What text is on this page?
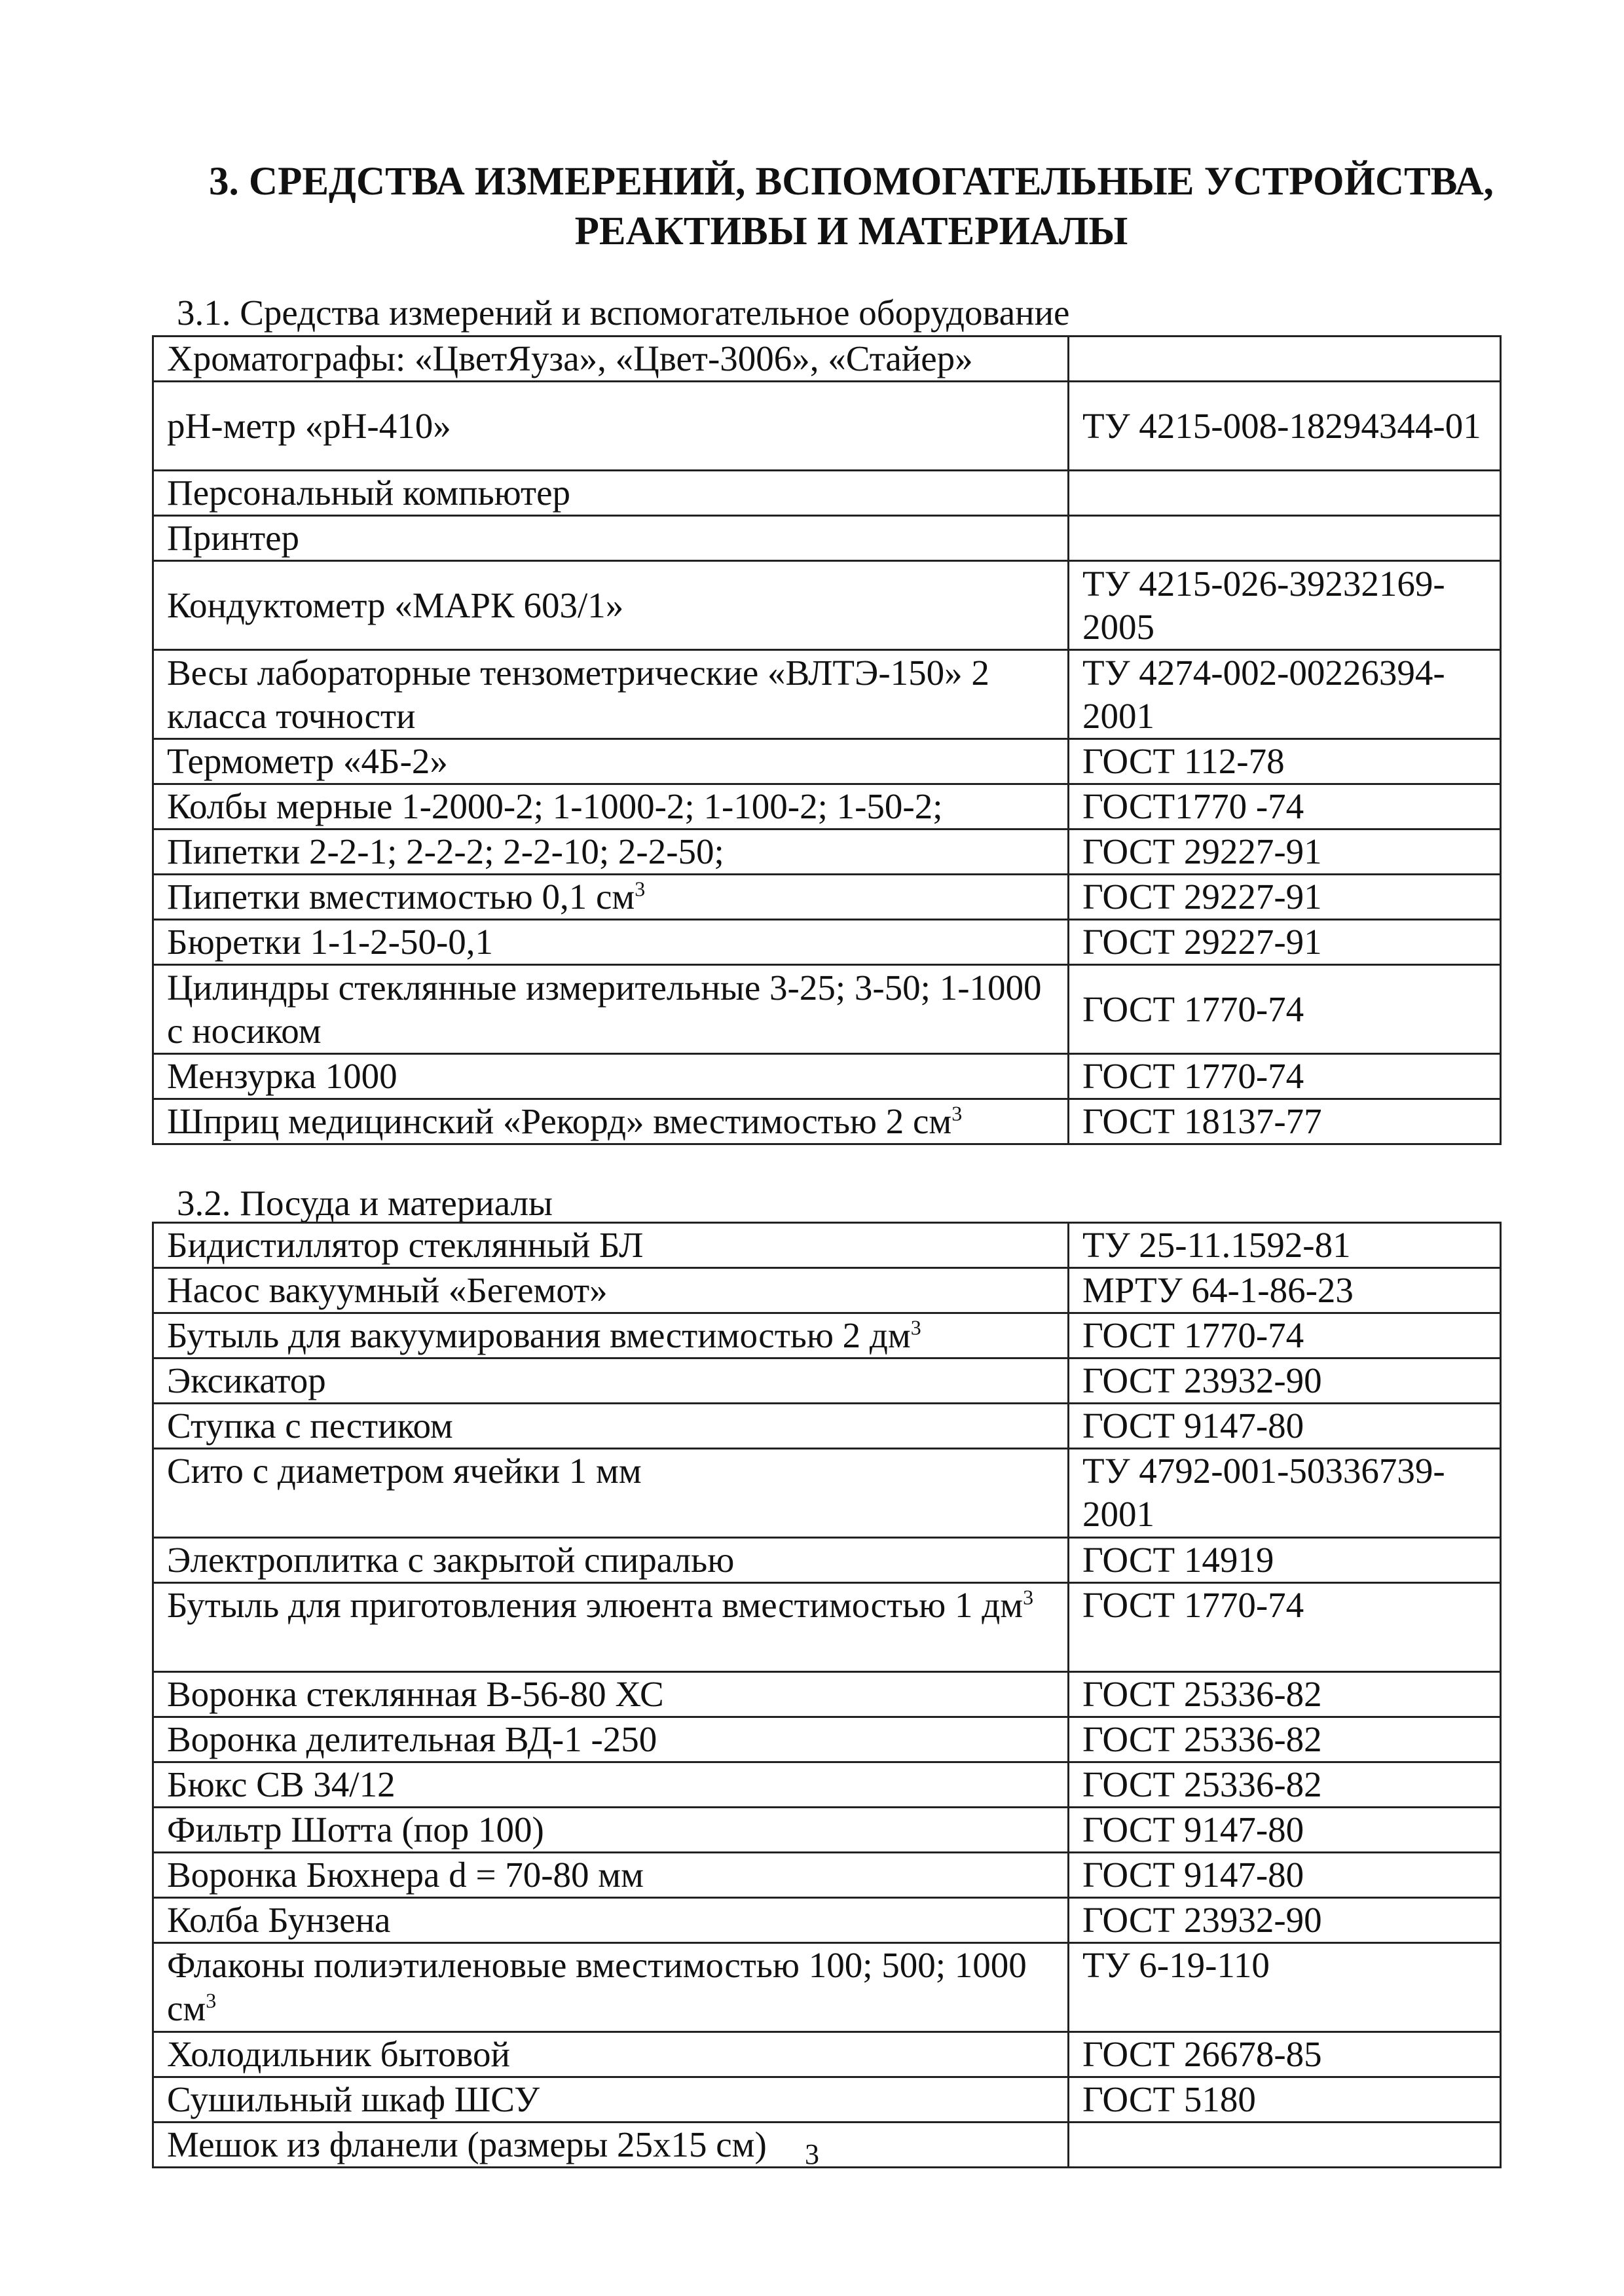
3. СРЕДСТВА ИЗМЕРЕНИЙ, ВСПОМОГАТЕЛЬНЫЕ УСТРОЙСТВА,
РЕАКТИВЫ И МАТЕРИАЛЫ

3.1. Средства измерений и вспомогательное оборудование

Хроматографы: «ЦветЯуза», «Цвет-3006», «Стайер»	
рН-метр «рН-410»	ТУ 4215-008-18294344-01
Персональный компьютер	
Принтер	
Кондуктометр «МАРК 603/1»	ТУ 4215-026-39232169-2005
Весы лабораторные тензометрические «ВЛТЭ-150» 2 класса точности	ТУ 4274-002-00226394-2001
Термометр «4Б-2»	ГОСТ 112-78
Колбы мерные 1-2000-2; 1-1000-2; 1-100-2; 1-50-2;	ГОСТ1770 -74
Пипетки 2-2-1; 2-2-2; 2-2-10; 2-2-50;	ГОСТ 29227-91
Пипетки вместимостью 0,1 $см^3$	ГОСТ 29227-91
Бюретки 1-1-2-50-0,1	ГОСТ 29227-91
Цилиндры стеклянные измерительные 3-25; 3-50; 1-1000 с носиком	ГОСТ 1770-74
Мензурка 1000	ГОСТ 1770-74
Шприц медицинский «Рекорд» вместимостью 2 $см^3$	ГОСТ 18137-77

3.2. Посуда и материалы

Бидистиллятор стеклянный БЛ	ТУ 25-11.1592-81
Насос вакуумный «Бегемот»	МРТУ 64-1-86-23
Бутыль для вакуумирования вместимостью 2 $дм^3$	ГОСТ 1770-74
Эксикатор	ГОСТ 23932-90
Ступка с пестиком	ГОСТ 9147-80
Сито с диаметром ячейки 1 мм	ТУ 4792-001-50336739-2001
Электроплитка с закрытой спиралью	ГОСТ 14919
Бутыль для приготовления элюента вместимостью 1 $дм^3$	ГОСТ 1770-74
Воронка стеклянная В-56-80 ХС	ГОСТ 25336-82
Воронка делительная ВД-1 -250	ГОСТ 25336-82
Бюкс СВ 34/12	ГОСТ 25336-82
Фильтр Шотта (пор 100)	ГОСТ 9147-80
Воронка Бюхнера d = 70-80 мм	ГОСТ 9147-80
Колба Бунзена	ГОСТ 23932-90
Флаконы полиэтиленовые вместимостью 100; 500; 1000 $см^3$	ТУ 6-19-110
Холодильник бытовой	ГОСТ 26678-85
Сушильный шкаф ШСУ	ГОСТ 5180
Мешок из фланели (размеры 25х15 см)		3
